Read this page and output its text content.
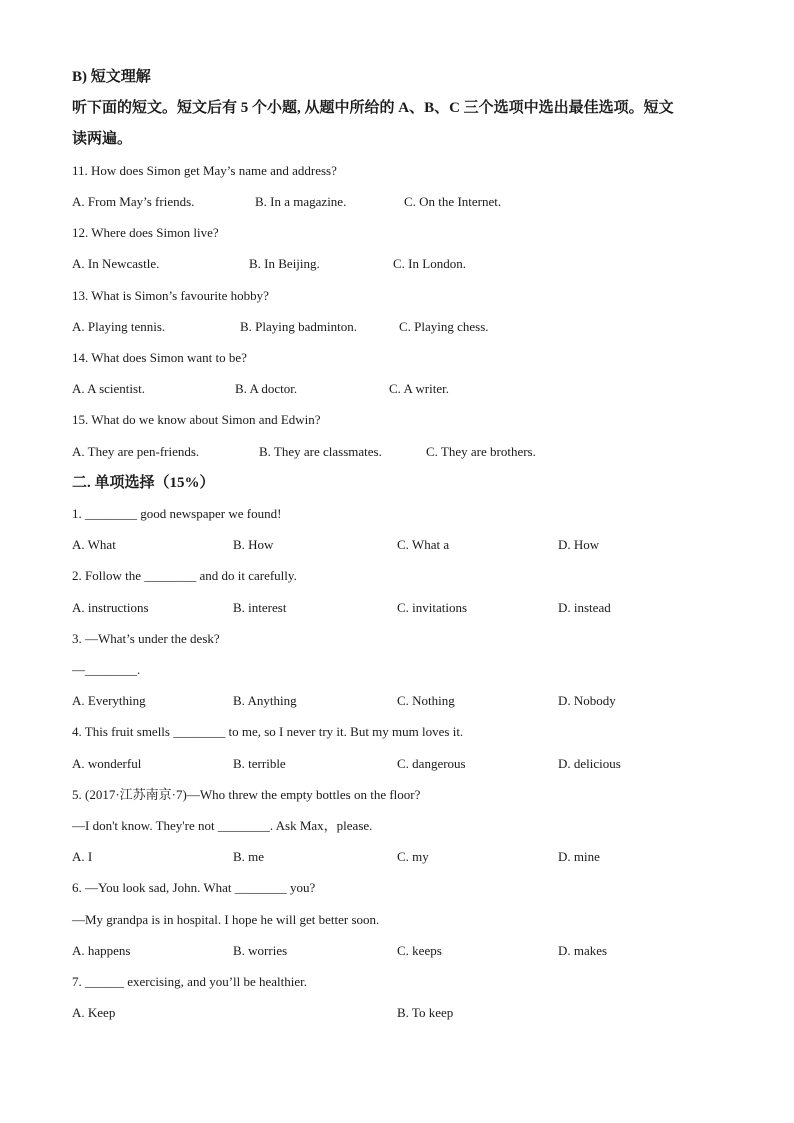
B) 短文理解
听下面的短文。短文后有 5 个小题, 从题中所给的 A、B、C 三个选项中选出最佳选项。短文
读两遍。
11. How does Simon get May’s name and address?
A. From May’s friends.	B. In a magazine.	C. On the Internet.
12. Where does Simon live?
A. In Newcastle.	B. In Beijing.	C. In London.
13. What is Simon’s favourite hobby?
A. Playing tennis.	B. Playing badminton.	C. Playing chess.
14. What does Simon want to be?
A. A scientist.	B. A doctor.	C. A writer.
15. What do we know about Simon and Edwin?
A. They are pen-friends.	B. They are classmates.	C. They are brothers.
二. 单项选择（15%）
1. ________ good newspaper we found!
A. What	B. How	C. What a	D. How
2. Follow the ________ and do it carefully.
A. instructions	B. interest	C. invitations	D. instead
3. —What’s under the desk?
—________.
A. Everything	B. Anything	C. Nothing	D. Nobody
4. This fruit smells ________ to me, so I never try it. But my mum loves it.
A. wonderful	B. terrible	C. dangerous	D. delicious
5. (2017·江苏南京·7)—Who threw the empty bottles on the floor?
—I don't know. They're not ________. Ask Max，please.
A. I	B. me	C. my	D. mine
6. —You look sad, John. What ________ you?
—My grandpa is in hospital. I hope he will get better soon.
A. happens	B. worries	C. keeps	D. makes
7. ______ exercising, and you’ll be healthier.
A. Keep	B. To keep
